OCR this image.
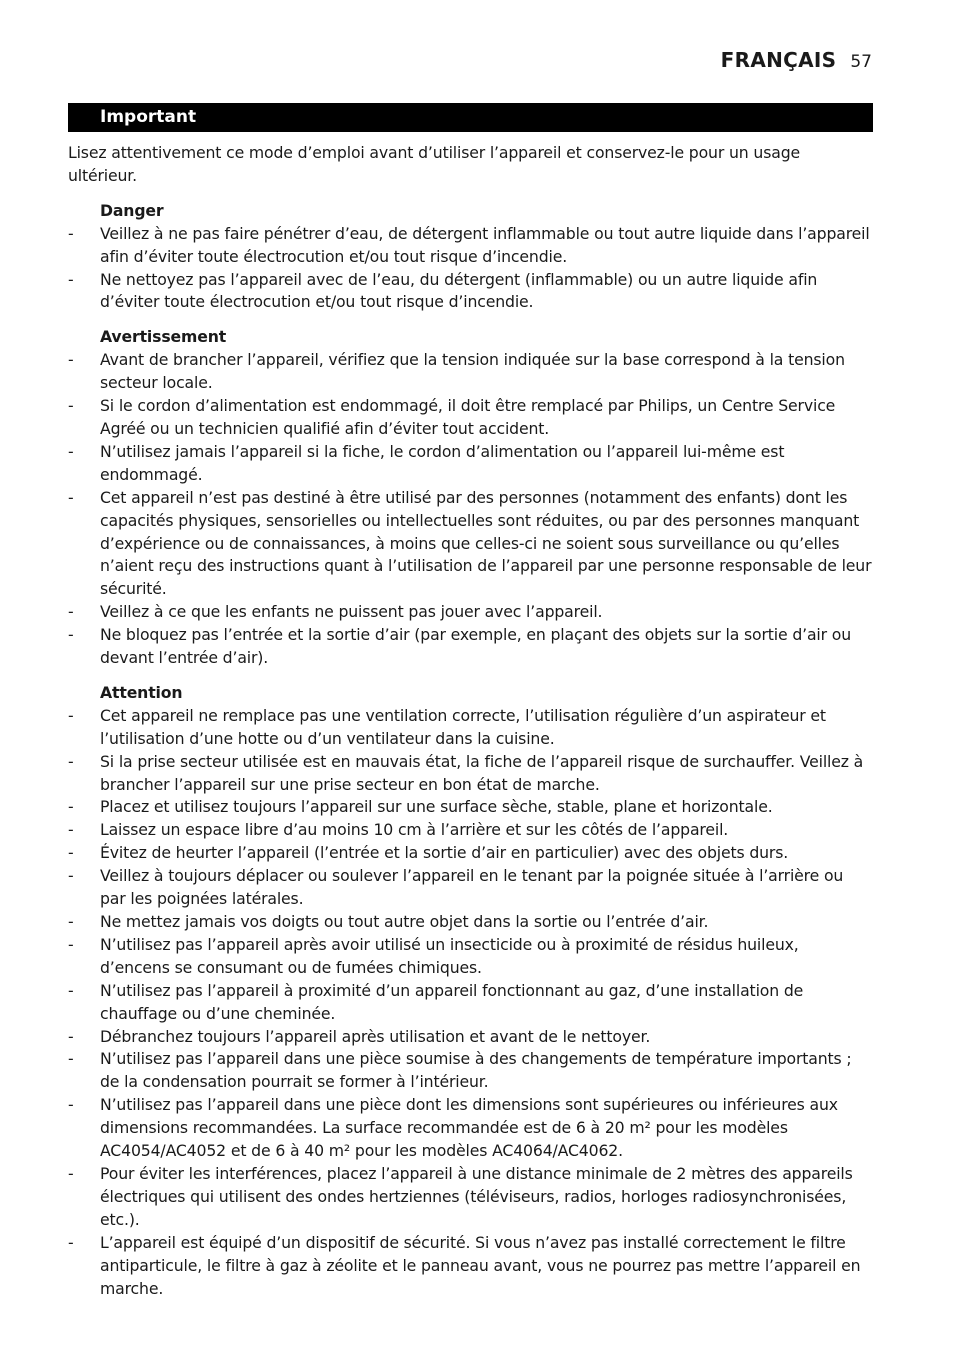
FRANÇAIS 57
Important

Lisez attentivement ce mode d’emploi avant d’utiliser l’appareil et conservez-le pour un usage ultérieur.

Danger

-	Veillez à ne pas faire pénétrer d’eau, de détergent inflammable ou tout autre liquide dans l’appareil afin d’éviter toute électrocution et/ou tout risque d’incendie.
-	Ne nettoyez pas l’appareil avec de l’eau, du détergent (inflammable) ou un autre liquide afin d’éviter toute électrocution et/ou tout risque d’incendie.

Avertissement

-	Avant de brancher l’appareil, vérifiez que la tension indiquée sur la base correspond à la tension secteur locale.
-	Si le cordon d’alimentation est endommagé, il doit être remplacé par Philips, un Centre Service Agréé ou un technicien qualifié afin d’éviter tout accident.
-	N’utilisez jamais l’appareil si la fiche, le cordon d’alimentation ou l’appareil lui-même est endommagé.
-	Cet appareil n’est pas destiné à être utilisé par des personnes (notamment des enfants) dont les capacités physiques, sensorielles ou intellectuelles sont réduites, ou par des personnes manquant d’expérience ou de connaissances, à moins que celles-ci ne soient sous surveillance ou qu’elles n’aient reçu des instructions quant à l’utilisation de l’appareil par une personne responsable de leur sécurité.
-	Veillez à ce que les enfants ne puissent pas jouer avec l’appareil.
-	Ne bloquez pas l’entrée et la sortie d’air (par exemple, en plaçant des objets sur la sortie d’air ou devant l’entrée d’air).

Attention

-	Cet appareil ne remplace pas une ventilation correcte, l’utilisation régulière d’un aspirateur et l’utilisation d’une hotte ou d’un ventilateur dans la cuisine.
-	Si la prise secteur utilisée est en mauvais état, la fiche de l’appareil risque de surchauffer. Veillez à brancher l’appareil sur une prise secteur en bon état de marche.
-	Placez et utilisez toujours l’appareil sur une surface sèche, stable, plane et horizontale.
-	Laissez un espace libre d’au moins 10 cm à l’arrière et sur les côtés de l’appareil.
-	Évitez de heurter l’appareil (l’entrée et la sortie d’air en particulier) avec des objets durs.
-	Veillez à toujours déplacer ou soulever l’appareil en le tenant par la poignée située à l’arrière ou par les poignées latérales.
-	Ne mettez jamais vos doigts ou tout autre objet dans la sortie ou l’entrée d’air.
-	N’utilisez pas l’appareil après avoir utilisé un insecticide ou à proximité de résidus huileux, d’encens se consumant ou de fumées chimiques.
-	N’utilisez pas l’appareil à proximité d’un appareil fonctionnant au gaz, d’une installation de chauffage ou d’une cheminée.
-	Débranchez toujours l’appareil après utilisation et avant de le nettoyer.
-	N’utilisez pas l’appareil dans une pièce soumise à des changements de température importants ; de la condensation pourrait se former à l’intérieur.
-	N’utilisez pas l’appareil dans une pièce dont les dimensions sont supérieures ou inférieures aux dimensions recommandées. La surface recommandée est de 6 à 20 m² pour les modèles AC4054/AC4052 et de 6 à 40 m² pour les modèles AC4064/AC4062.
-	Pour éviter les interférences, placez l’appareil à une distance minimale de 2 mètres des appareils électriques qui utilisent des ondes hertziennes (téléviseurs, radios, horloges radiosynchronisées, etc.).
-	L’appareil est équipé d’un dispositif de sécurité. Si vous n’avez pas installé correctement le filtre antiparticule, le filtre à gaz à zéolite et le panneau avant, vous ne pourrez pas mettre l’appareil en marche.
